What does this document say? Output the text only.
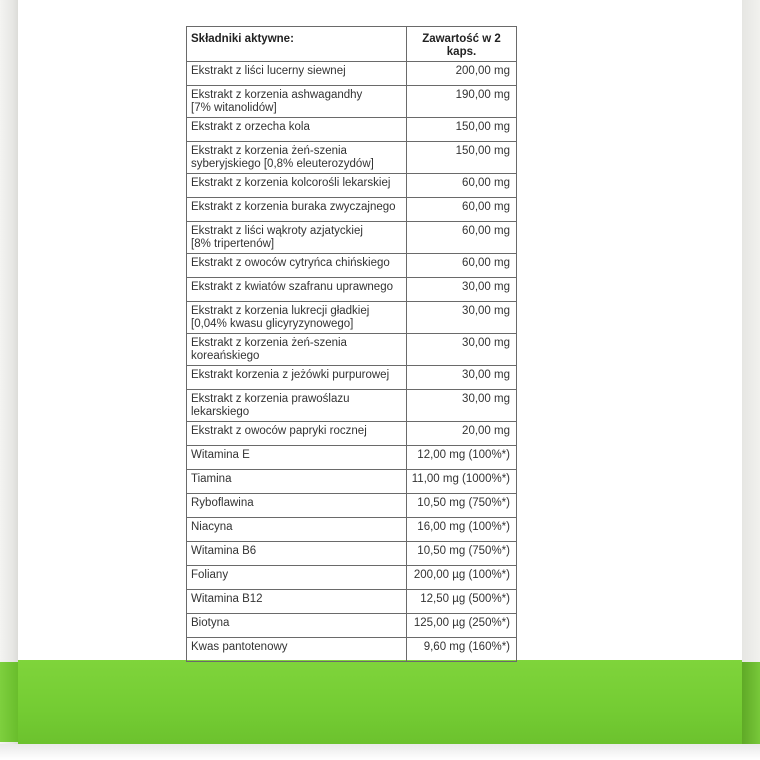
Składniki aktywne:	Zawartość w 2 kaps.
Ekstrakt z liści lucerny siewnej	200,00 mg
Ekstrakt z korzenia ashwagandhy
[7% witanolidów]	190,00 mg
Ekstrakt z orzecha kola	150,00 mg
Ekstrakt z korzenia żeń-szenia
syberyjskiego [0,8% eleuterozydów]	150,00 mg
Ekstrakt z korzenia kolcorośli lekarskiej	60,00 mg
Ekstrakt z korzenia buraka zwyczajnego	60,00 mg
Ekstrakt z liści wąkroty azjatyckiej
[8% tripertenów]	60,00 mg
Ekstrakt z owoców cytryńca chińskiego	60,00 mg
Ekstrakt z kwiatów szafranu uprawnego	30,00 mg
Ekstrakt z korzenia lukrecji gładkiej
[0,04% kwasu glicyryzynowego]	30,00 mg
Ekstrakt z korzenia żeń-szenia koreańskiego	30,00 mg
Ekstrakt korzenia z jeżówki purpurowej	30,00 mg
Ekstrakt z korzenia prawoślazu lekarskiego	30,00 mg
Ekstrakt z owoców papryki rocznej	20,00 mg
Witamina E	12,00 mg (100%*)
Tiamina	11,00 mg (1000%*)
Ryboflawina	10,50 mg (750%*)
Niacyna	16,00 mg (100%*)
Witamina B6	10,50 mg (750%*)
Foliany	200,00 µg (100%*)
Witamina B12	12,50 µg (500%*)
Biotyna	125,00 µg (250%*)
Kwas pantotenowy	9,60 mg (160%*)
